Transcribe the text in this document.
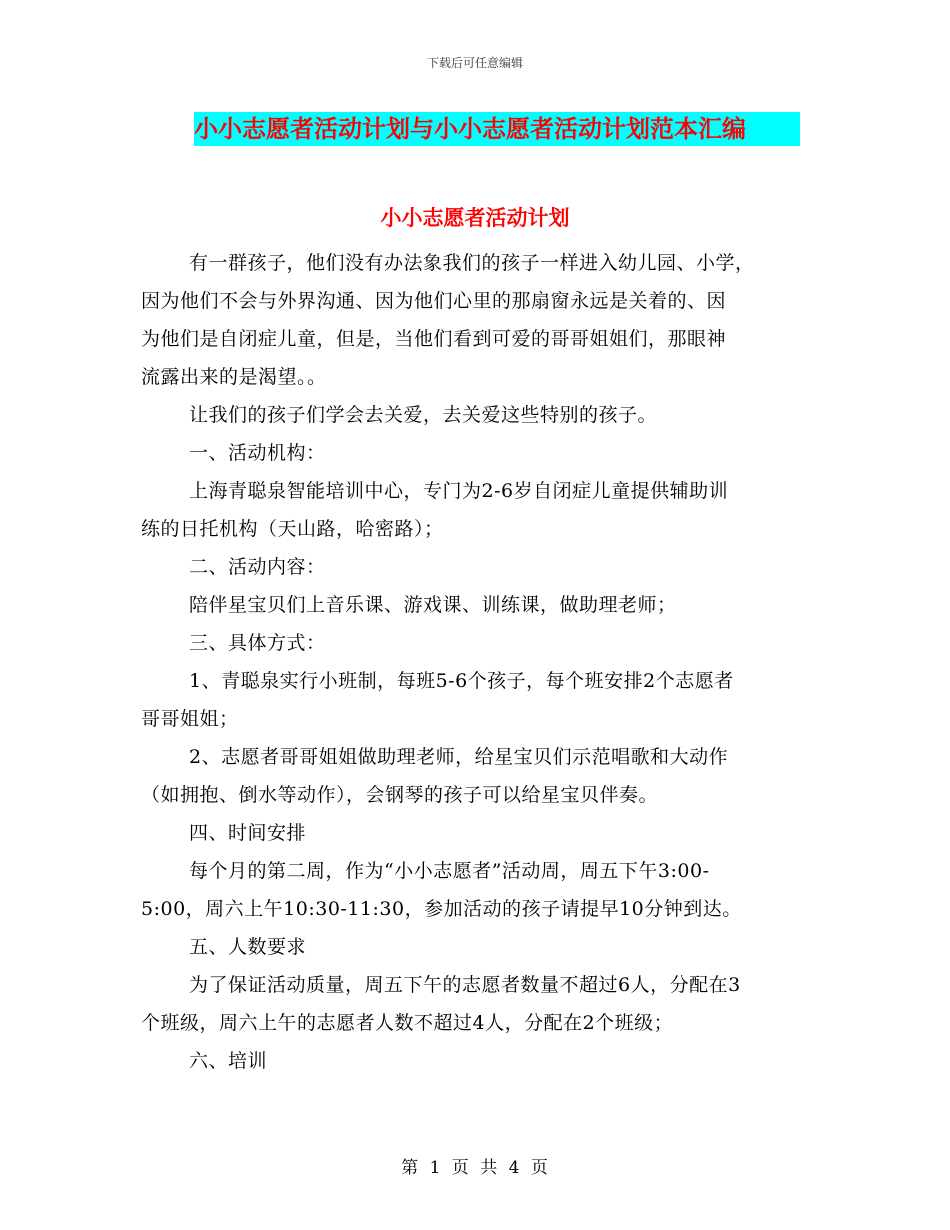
下载后可任意编辑
小小志愿者活动计划与小小志愿者活动计划范本汇编
小小志愿者活动计划

有一群孩子，他们没有办法象我们的孩子一样进入幼儿园、小学，
因为他们不会与外界沟通、因为他们心里的那扇窗永远是关着的、因
为他们是自闭症儿童，但是，当他们看到可爱的哥哥姐姐们，那眼神
流露出来的是渴望。。

让我们的孩子们学会去关爱，去关爱这些特别的孩子。

一、活动机构：

上海青聪泉智能培训中心，专门为2-6岁自闭症儿童提供辅助训
练的日托机构（天山路，哈密路）；

二、活动内容：

陪伴星宝贝们上音乐课、游戏课、训练课，做助理老师；

三、具体方式：

1、青聪泉实行小班制，每班5-6个孩子，每个班安排2个志愿者
哥哥姐姐；

2、志愿者哥哥姐姐做助理老师，给星宝贝们示范唱歌和大动作
（如拥抱、倒水等动作），会钢琴的孩子可以给星宝贝伴奏。

四、时间安排

每个月的第二周，作为“小小志愿者”活动周，周五下午3:00-
5:00，周六上午10:30-11:30，参加活动的孩子请提早10分钟到达。

五、人数要求

为了保证活动质量，周五下午的志愿者数量不超过6人，分配在3
个班级，周六上午的志愿者人数不超过4人，分配在2个班级；

六、培训

第 1 页 共 4 页
